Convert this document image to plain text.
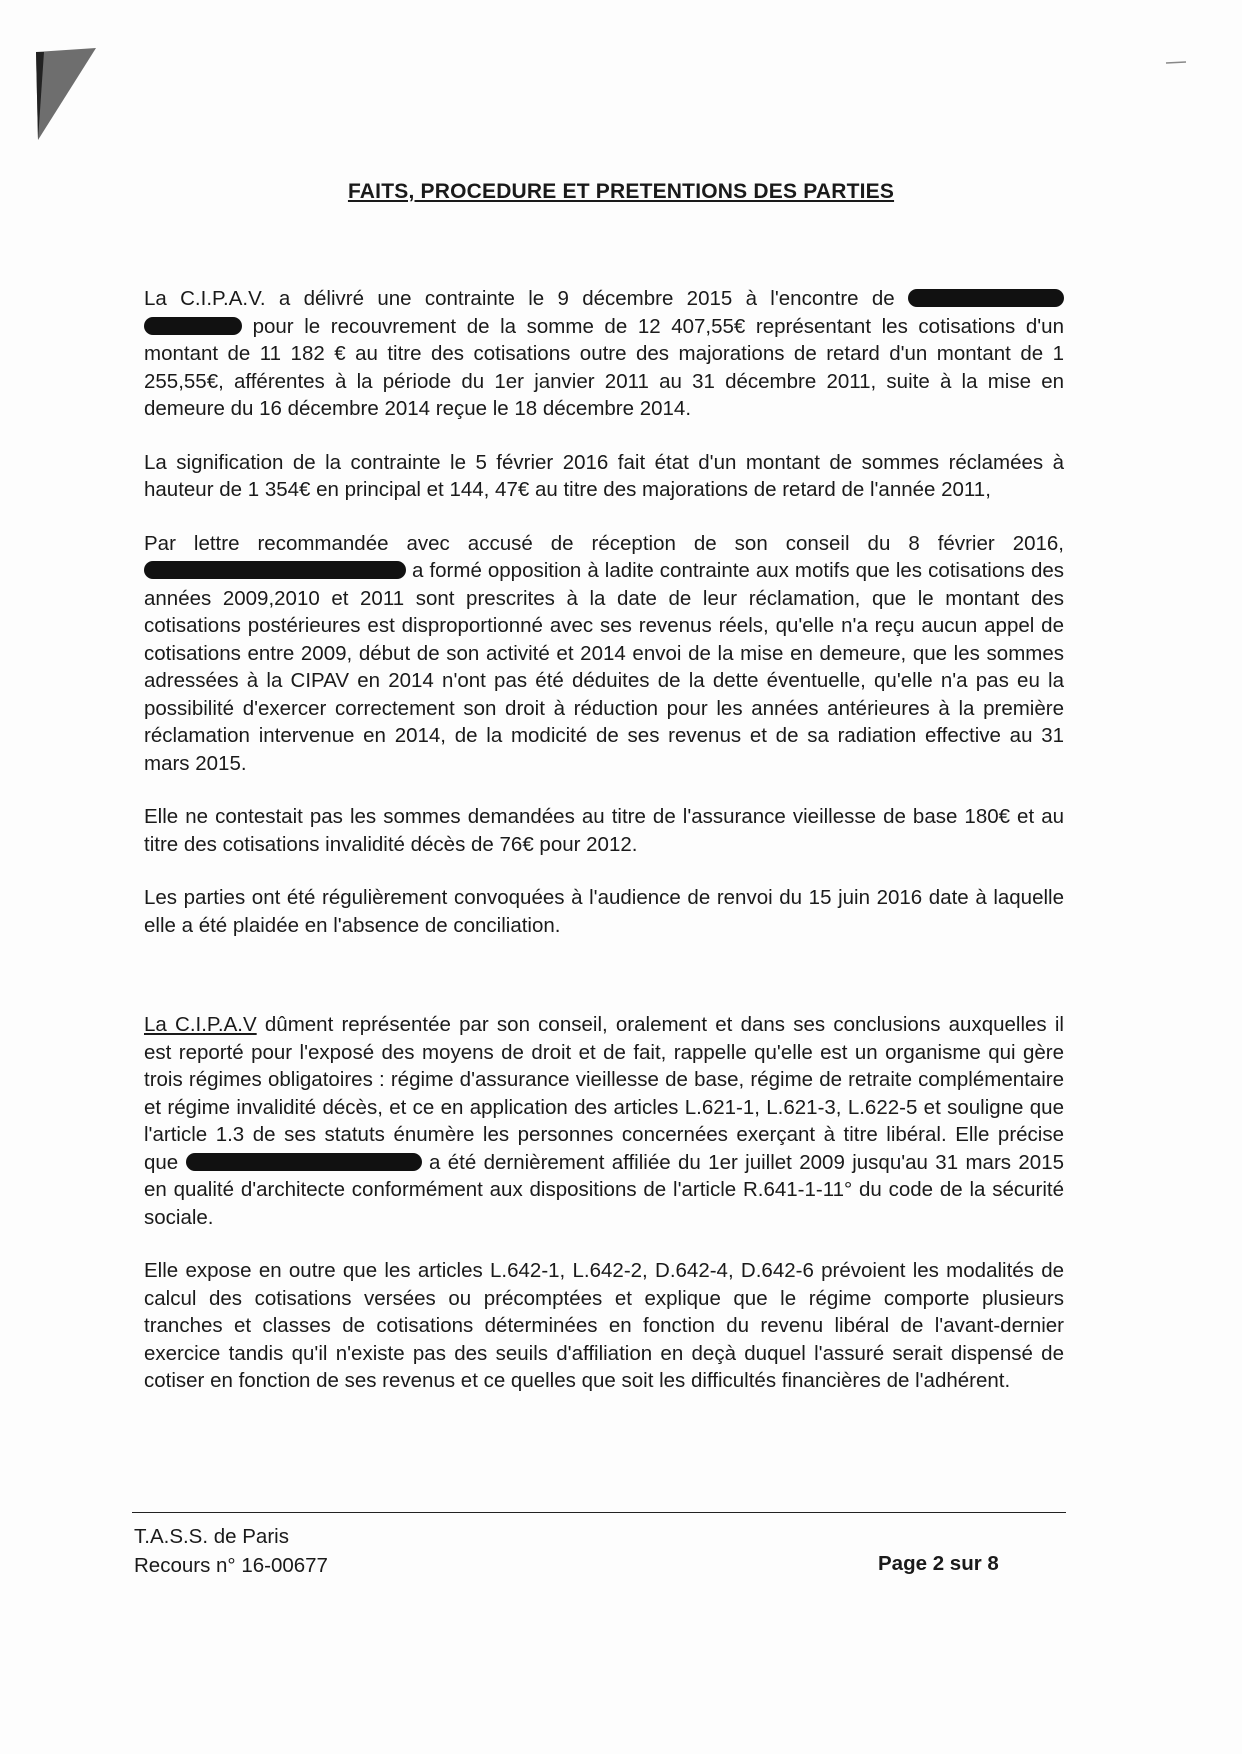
FAITS, PROCEDURE ET PRETENTIONS DES PARTIES

La C.I.P.A.V. a délivré une contrainte le 9 décembre 2015 à l'encontre de   pour le recouvrement de la somme de 12 407,55€ représentant les cotisations d'un montant de 11 182 € au titre des cotisations outre des majorations de retard d'un montant de 1 255,55€, afférentes à la période du 1er janvier 2011 au 31 décembre 2011, suite à la mise en demeure du 16 décembre 2014 reçue le 18 décembre 2014.

La signification de la contrainte le 5 février 2016 fait état d'un montant de sommes réclamées à hauteur de 1 354€ en principal et 144, 47€ au titre des majorations de retard de l'année 2011,

Par lettre recommandée avec accusé de réception de son conseil du 8 février 2016,  a formé opposition à ladite contrainte aux motifs que les cotisations des années 2009,2010 et 2011 sont prescrites à la date de leur réclamation, que le montant des cotisations postérieures est disproportionné avec ses revenus réels, qu'elle n'a reçu aucun appel de cotisations entre 2009, début de son activité et 2014 envoi de la mise en demeure, que les sommes adressées à la CIPAV en 2014 n'ont pas été déduites de la dette éventuelle, qu'elle n'a pas eu la possibilité d'exercer correctement son droit à réduction pour les années antérieures à la première réclamation intervenue en 2014, de la modicité de ses revenus et de sa radiation effective au 31 mars 2015.

Elle ne contestait pas les sommes demandées au titre de l'assurance vieillesse de base 180€ et au titre des cotisations invalidité décès de 76€ pour 2012.

Les parties ont été régulièrement convoquées à l'audience de renvoi du 15 juin 2016 date à laquelle elle a été plaidée en l'absence de conciliation.

La C.I.P.A.V dûment représentée par son conseil, oralement et dans ses conclusions auxquelles il est reporté pour l'exposé des moyens de droit et de fait, rappelle qu'elle est un organisme qui gère trois régimes obligatoires : régime d'assurance vieillesse de base, régime de retraite complémentaire et régime invalidité décès, et ce en application des articles L.621-1, L.621-3, L.622-5 et souligne que l'article 1.3 de ses statuts énumère les personnes concernées exerçant à titre libéral. Elle précise que	a été dernièrement affiliée du 1er juillet 2009 jusqu'au 31 mars 2015 en qualité d'architecte conformément aux dispositions de l'article R.641-1-11° du code de la sécurité sociale.

Elle expose en outre que les articles L.642-1, L.642-2, D.642-4, D.642-6 prévoient les modalités de calcul des cotisations versées ou précomptées et explique que le régime comporte plusieurs tranches et classes de cotisations déterminées en fonction du revenu libéral de l'avant-dernier exercice tandis qu'il n'existe pas des seuils d'affiliation en deçà duquel l'assuré serait dispensé de cotiser en fonction de ses revenus et ce quelles que soit les difficultés financières de l'adhérent.

T.A.S.S. de Paris
Recours n° 16-00677	Page 2 sur 8
